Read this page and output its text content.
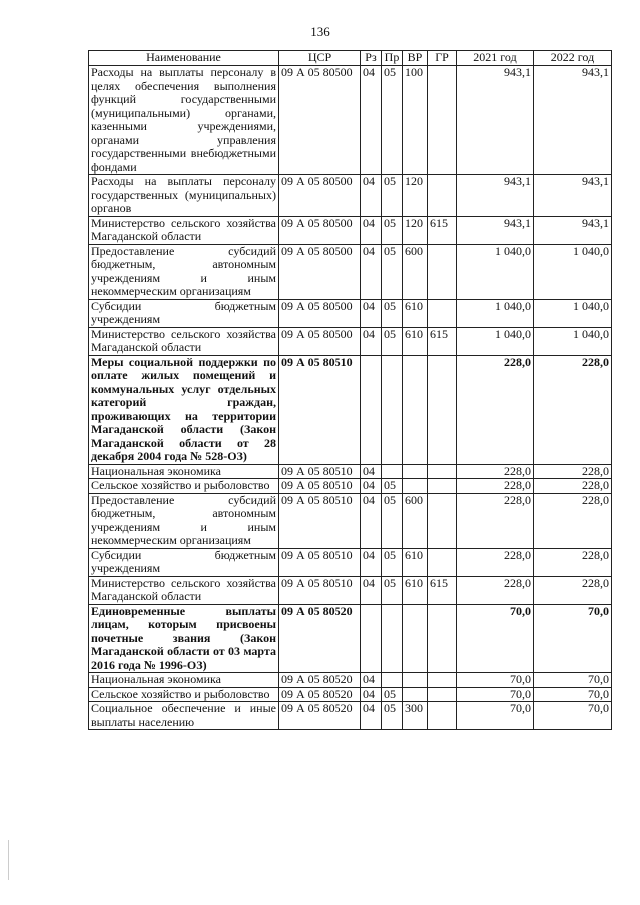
136
Наименование	ЦСР	Рз	Пр	ВР	ГР	2021 год	2022 год
Расходы на выплаты персоналу в целях обеспечения выполнения функций государственными (муниципальными) органами, казенными учреждениями, органами управления государственными внебюджетными фондами	09 А 05 80500	04	05	100		943,1	943,1
Расходы на выплаты персоналу государственных (муниципальных) органов	09 А 05 80500	04	05	120		943,1	943,1
Министерство сельского хозяйства Магаданской области	09 А 05 80500	04	05	120	615	943,1	943,1
Предоставление субсидий бюджетным, автономным учреждениям и иным некоммерческим организациям	09 А 05 80500	04	05	600		1 040,0	1 040,0
Субсидии бюджетным учреждениям	09 А 05 80500	04	05	610		1 040,0	1 040,0
Министерство сельского хозяйства Магаданской области	09 А 05 80500	04	05	610	615	1 040,0	1 040,0
Меры социальной поддержки по оплате жилых помещений и коммунальных услуг отдельных категорий граждан, проживающих на территории Магаданской области (Закон Магаданской области от 28 декабря 2004 года № 528-ОЗ)	09 А 05 80510					228,0	228,0
Национальная экономика	09 А 05 80510	04				228,0	228,0
Сельское хозяйство и рыболовство	09 А 05 80510	04	05			228,0	228,0
Предоставление субсидий бюджетным, автономным учреждениям и иным некоммерческим организациям	09 А 05 80510	04	05	600		228,0	228,0
Субсидии бюджетным учреждениям	09 А 05 80510	04	05	610		228,0	228,0
Министерство сельского хозяйства Магаданской области	09 А 05 80510	04	05	610	615	228,0	228,0
Единовременные выплаты лицам, которым присвоены почетные звания (Закон Магаданской области от 03 марта 2016 года № 1996-ОЗ)	09 А 05 80520					70,0	70,0
Национальная экономика	09 А 05 80520	04				70,0	70,0
Сельское хозяйство и рыболовство	09 А 05 80520	04	05			70,0	70,0
Социальное обеспечение и иные выплаты населению	09 А 05 80520	04	05	300		70,0	70,0
